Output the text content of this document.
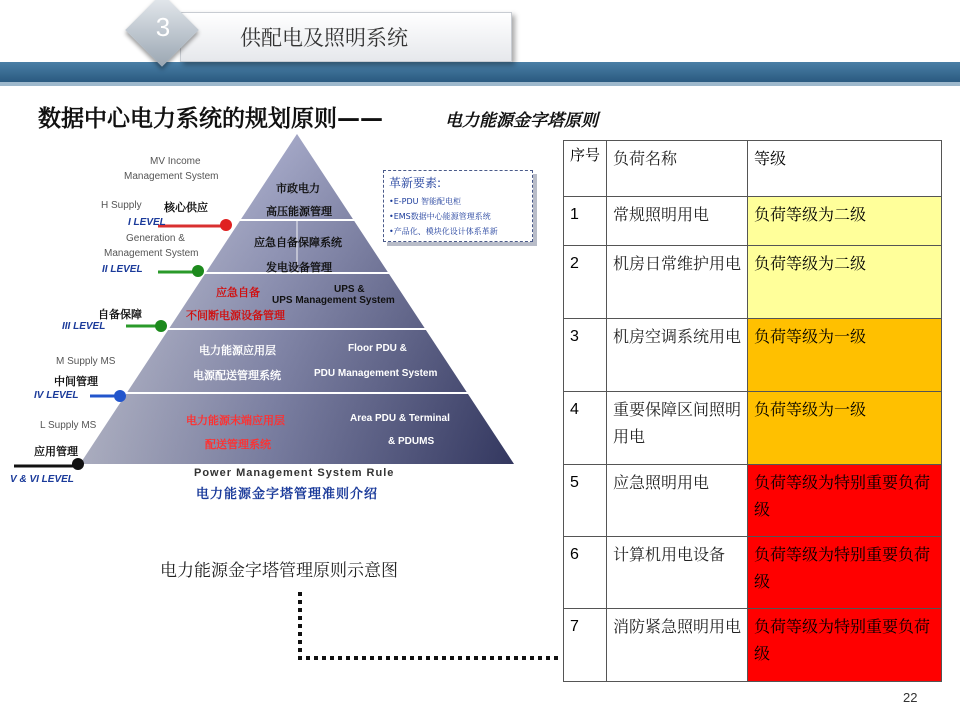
3	供配电及照明系统
数据中心电力系统的规划原则——	电力能源金字塔原则
市政电力
高压能源管理
应急自备保障系统
发电设备管理
应急自备
不间断电源设备管理
UPS &
UPS Management System
电力能源应用层
电源配送管理系统
Floor PDU &
PDU Management System
电力能源末端应用层
配送管理系统
Area PDU & Terminal
& PDUMS
MV Income
Management System
H Supply 核心供应
I LEVEL
Generation &
Management System
II LEVEL
自备保障
III LEVEL
M Supply MS
中间管理
IV LEVEL
L Supply MS
应用管理
V & VI LEVEL
Power Management System Rule
电力能源金字塔管理准则介绍
革新要素:
•E-PDU 智能配电柜
•EMS数据中心能源管理系统
•产品化、模块化设计体系革新
电力能源金字塔管理原则示意图
序号	负荷名称	等级
1	常规照明用电	负荷等级为二级
2	机房日常维护用电	负荷等级为二级
3	机房空调系统用电	负荷等级为一级
4	重要保障区间照明用电	负荷等级为一级
5	应急照明用电	负荷等级为特别重要负荷级
6	计算机用电设备	负荷等级为特别重要负荷级
7	消防紧急照明用电	负荷等级为特别重要负荷级
22
